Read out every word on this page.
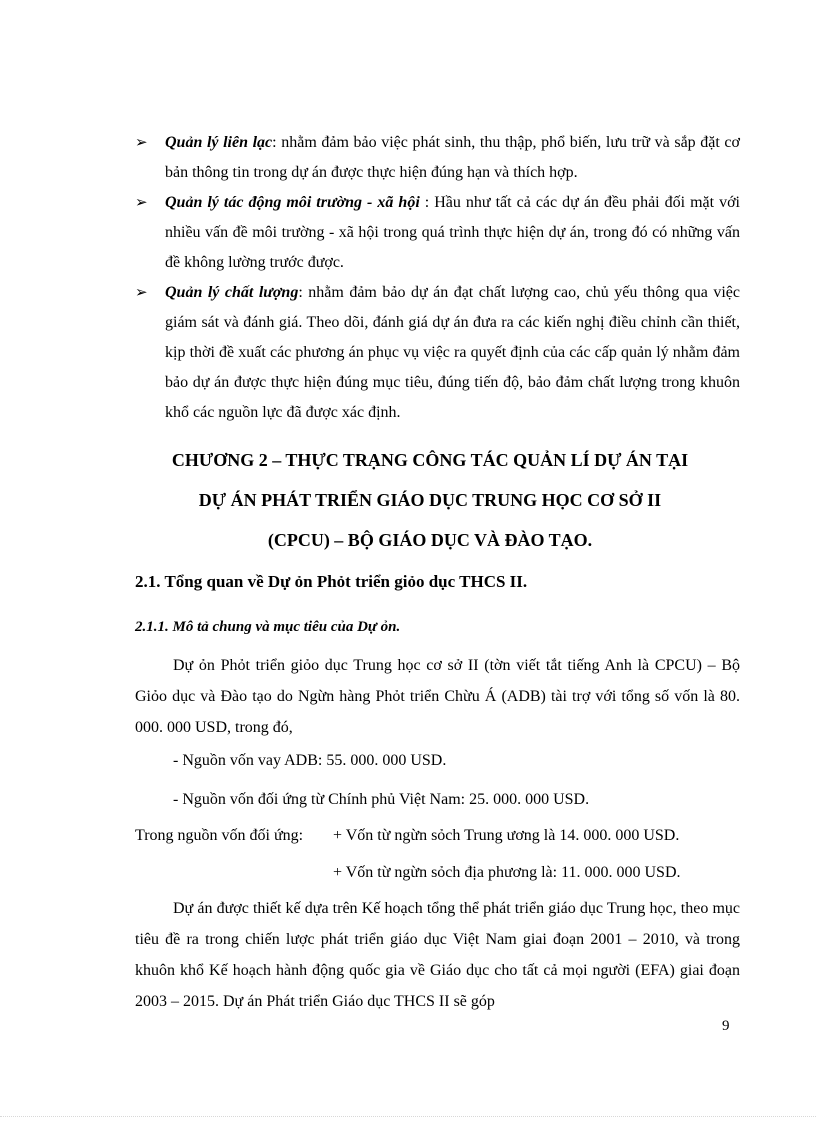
➢ Quản lý liên lạc: nhằm đảm bảo việc phát sinh, thu thập, phổ biến, lưu trữ và sắp đặt cơ bản thông tin trong dự án được thực hiện đúng hạn và thích hợp.
➢ Quản lý tác động môi trường - xã hội : Hầu như tất cả các dự án đều phải đối mặt với nhiều vấn đề môi trường - xã hội trong quá trình thực hiện dự án, trong đó có những vấn đề không lường trước được.
➢ Quản lý chất lượng: nhằm đảm bảo dự án đạt chất lượng cao, chủ yếu thông qua việc giám sát và đánh giá. Theo dõi, đánh giá dự án đưa ra các kiến nghị điều chỉnh cần thiết, kịp thời đề xuất các phương án phục vụ việc ra quyết định của các cấp quản lý nhằm đảm bảo dự án được thực hiện đúng mục tiêu, đúng tiến độ, bảo đảm chất lượng trong khuôn khổ các nguồn lực đã được xác định.
CHƯƠNG 2 – THỰC TRẠNG CÔNG TÁC QUẢN LÍ DỰ ÁN TẠI
DỰ ÁN PHÁT TRIỂN GIÁO DỤC TRUNG HỌC CƠ SỞ II
(CPCU) – BỘ GIÁO DỤC VÀ ĐÀO TẠO.
2.1. Tổng quan về Dự ỏn Phỏt triển giỏo dục THCS II.
2.1.1. Mô tả chung và mục tiêu của Dự ỏn.
Dự ỏn Phỏt triển giỏo dục Trung học cơ sở II (tờn viết tắt tiếng Anh là CPCU) – Bộ Giỏo dục và Đào tạo do Ngừn hàng Phỏt triển Chừu Á (ADB) tài trợ với tổng số vốn là 80. 000. 000 USD, trong đó,
- Nguồn vốn vay ADB: 55. 000. 000 USD.
- Nguồn vốn đối ứng từ Chính phủ Việt Nam: 25. 000. 000 USD.
Trong nguồn vốn đối ứng: + Vốn từ ngừn sỏch Trung ương là 14. 000. 000 USD.
+ Vốn từ ngừn sỏch địa phương là: 11. 000. 000 USD.
Dự án được thiết kế dựa trên Kế hoạch tổng thể phát triển giáo dục Trung học, theo mục tiêu đề ra trong chiến lược phát triển giáo dục Việt Nam giai đoạn 2001 – 2010, và trong khuôn khổ Kế hoạch hành động quốc gia về Giáo dục cho tất cả mọi người (EFA) giai đoạn 2003 – 2015. Dự án Phát triển Giáo dục THCS II sẽ góp
9
